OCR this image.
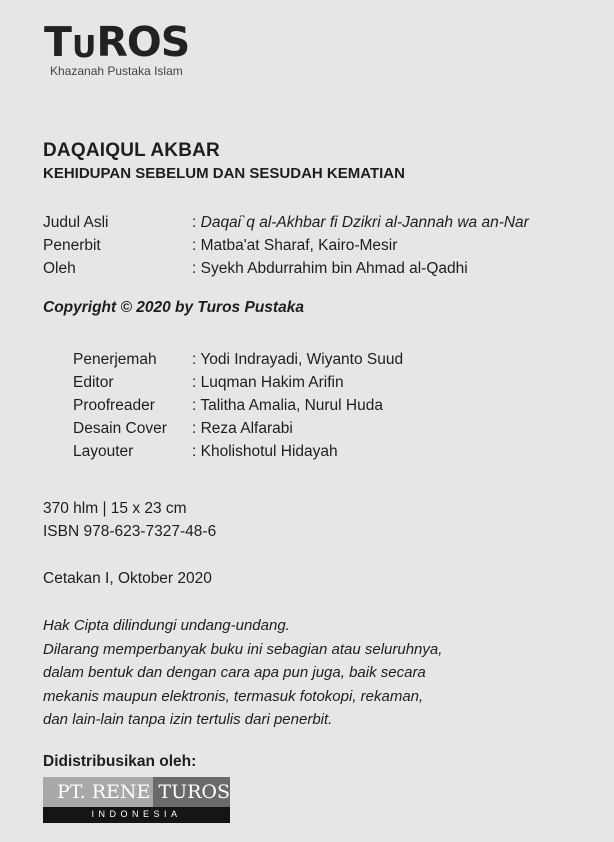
T U ROS
Khazanah Pustaka Islam
DAQAIQUL AKBAR
KEHIDUPAN SEBELUM DAN SESUDAH KEMATIAN
Judul Asli	: Daqai`q al-Akhbar fi Dzikri al-Jannah wa an-Nar
Penerbit	: Matba'at Sharaf, Kairo-Mesir
Oleh	: Syekh Abdurrahim bin Ahmad al-Qadhi
Copyright © 2020 by Turos Pustaka
Penerjemah	: Yodi Indrayadi, Wiyanto Suud
Editor	: Luqman Hakim Arifin
Proofreader	: Talitha Amalia, Nurul Huda
Desain Cover	: Reza Alfarabi
Layouter	: Kholishotul Hidayah
370 hlm | 15 x 23 cm
ISBN 978-623-7327-48-6
Cetakan I, Oktober 2020
Hak Cipta dilindungi undang-undang.
Dilarang memperbanyak buku ini sebagian atau seluruhnya,
dalam bentuk dan dengan cara apa pun juga, baik secara
mekanis maupun elektronis, termasuk fotokopi, rekaman,
dan lain-lain tanpa izin tertulis dari penerbit.
Didistribusikan oleh:
PT. RENE TUROS
INDONESIA
